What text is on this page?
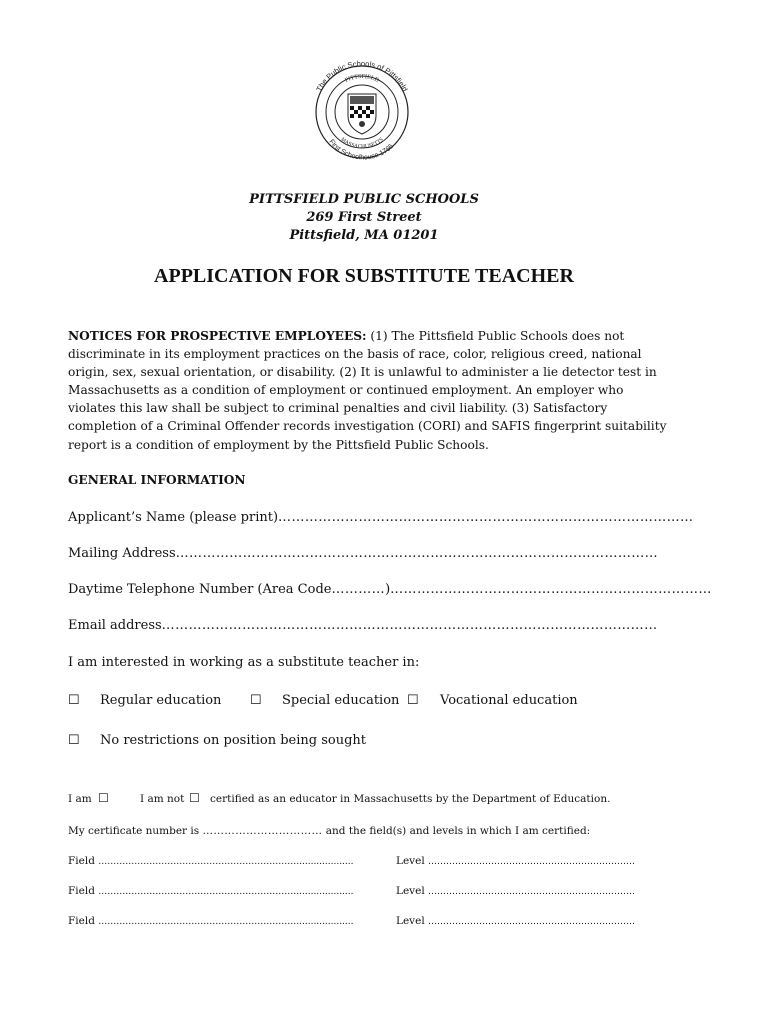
The Public Schools of Pittsfield
First Schoolhouse 1766
PITTSFIELD
MASSACHUSETTS
PITTSFIELD PUBLIC SCHOOLS
269 First Street
Pittsfield, MA 01201
APPLICATION FOR SUBSTITUTE TEACHER
NOTICES FOR PROSPECTIVE EMPLOYEES: (1) The Pittsfield Public Schools does not discriminate in its employment practices on the basis of race, color, religious creed, national origin, sex, sexual orientation, or disability. (2) It is unlawful to administer a lie detector test in Massachusetts as a condition of employment or continued employment. An employer who violates this law shall be subject to criminal penalties and civil liability. (3) Satisfactory completion of a Criminal Offender records investigation (CORI) and SAFIS fingerprint suitability report is a condition of employment by the Pittsfield Public Schools.
GENERAL INFORMATION
Applicant’s Name (please print)…………………………………………………………………………………
Mailing Address………………………………………………………………………………………………
Daytime Telephone Number (Area Code…………)………………………………………………………………
Email address…………………………………………………………………………………………………
I am interested in working as a substitute teacher in:
☐ Regular education ☐ Special education ☐ Vocational education
☐ No restrictions on position being sought
I am ☐	I am not ☐ certified as an educator in Massachusetts by the Department of Education.
My certificate number is …………………………… and the field(s) and levels in which I am certified:
Field …………………………………………………………....................	Level ……………………………………………………………
Field …………………………………………………………....................	Level ……………………………………………………………
Field …………………………………………………………....................	Level ……………………………………………………………
